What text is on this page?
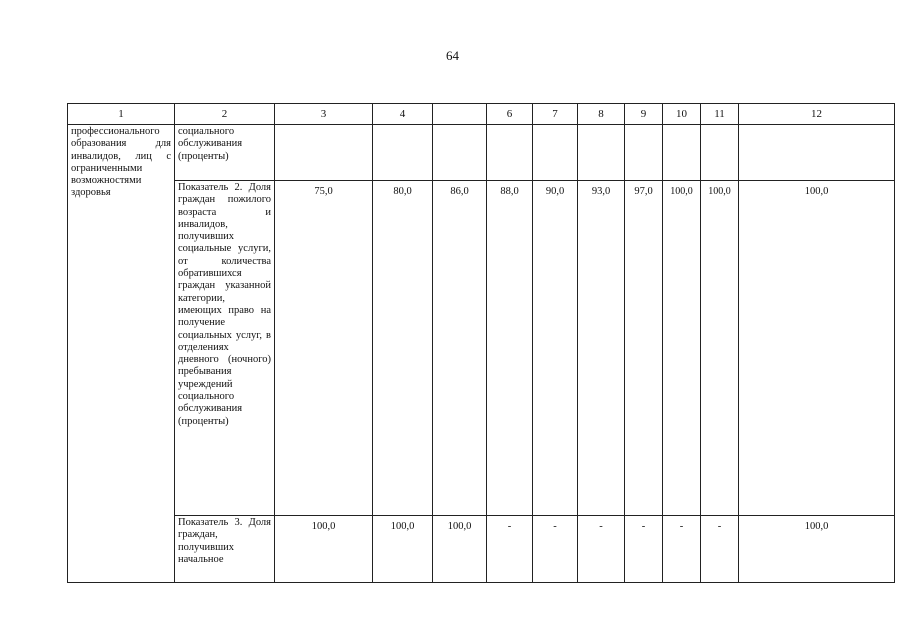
64
1	2	3	4		6	7	8	9	10	11	12
профессионального образования для инвалидов, лиц с ограниченными возможностями здоровья	социального обслуживания (проценты)										
	Показатель 2. Доля граждан пожилого возраста и инвалидов, получивших социальные услуги, от количества обратившихся граждан указанной категории, имеющих право на получение социальных услуг, в отделениях дневного (ночного) пребывания учреждений социального обслуживания (проценты)	75,0	80,0	86,0	88,0	90,0	93,0	97,0	100,0	100,0	100,0
	Показатель 3. Доля граждан, получивших начальное	100,0	100,0	100,0	-	-	-	-	-	-	100,0
